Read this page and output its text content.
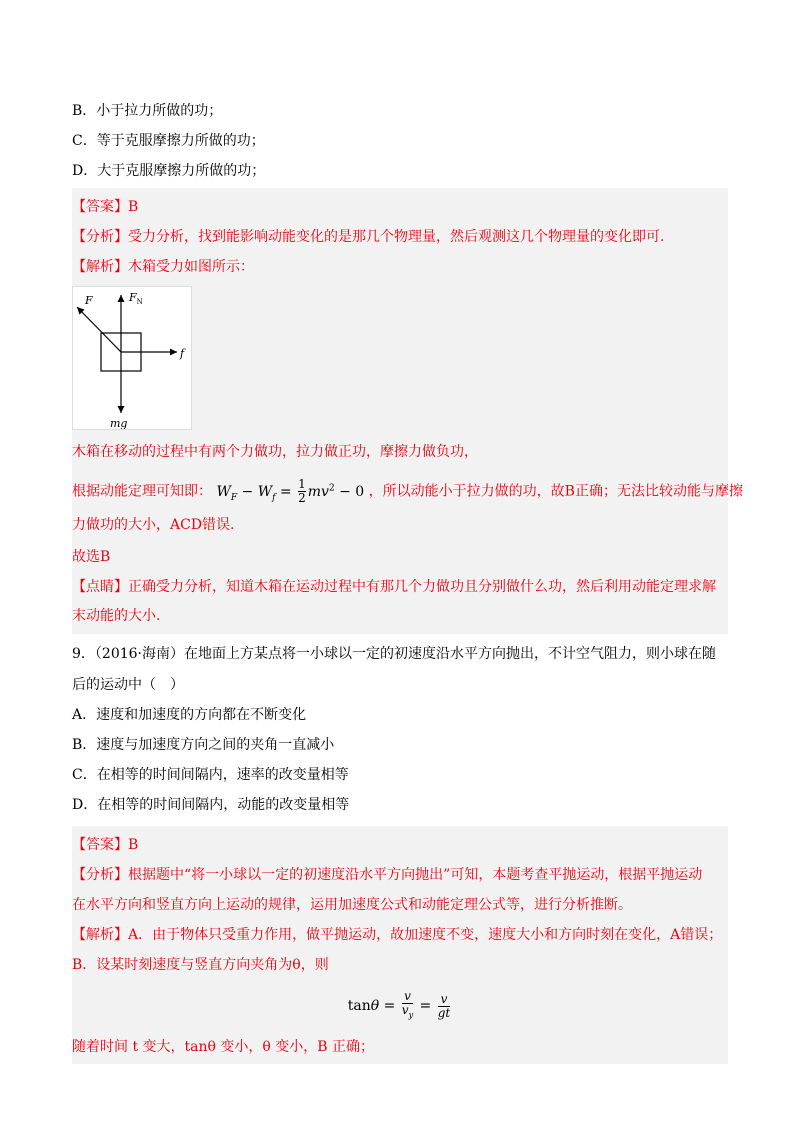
B．小于拉力所做的功；
C．等于克服摩擦力所做的功；
D．大于克服摩擦力所做的功；
【答案】B
【分析】受力分析，找到能影响动能变化的是那几个物理量，然后观测这几个物理量的变化即可.
【解析】木箱受力如图所示：
F	$F_N$
f
mg
木箱在移动的过程中有两个力做功，拉力做正功，摩擦力做负功，
根据动能定理可知即： $W_F - W_f = \frac{1}{2} mv^2 - 0$ ，所以动能小于拉力做的功，故B正确；无法比较动能与摩擦
力做功的大小，ACD错误.
故选B
【点睛】正确受力分析，知道木箱在运动过程中有那几个力做功且分别做什么功，然后利用动能定理求解
末动能的大小.
9．（2016·海南）在地面上方某点将一小球以一定的初速度沿水平方向抛出，不计空气阻力，则小球在随
后的运动中（　）
A．速度和加速度的方向都在不断变化
B．速度与加速度方向之间的夹角一直减小
C．在相等的时间间隔内，速率的改变量相等
D．在相等的时间间隔内，动能的改变量相等
【答案】B
【分析】根据题中“将一小球以一定的初速度沿水平方向抛出”可知，本题考查平抛运动，根据平抛运动
在水平方向和竖直方向上运动的规律，运用加速度公式和动能定理公式等，进行分析推断。
【解析】A．由于物体只受重力作用，做平抛运动，故加速度不变，速度大小和方向时刻在变化，A错误；
B．设某时刻速度与竖直方向夹角为θ，则
$\tan \theta = \frac{v}{v_y} = \frac{v}{gt}$
随着时间 t 变大，tanθ 变小，θ 变小，B 正确；
